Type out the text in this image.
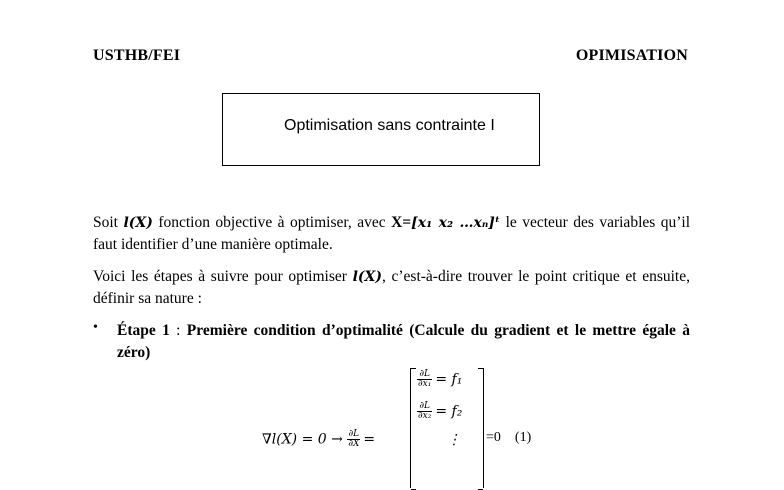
USTHB/FEI	OPIMISATION
Optimisation sans contrainte I
Soit l(X) fonction objective à optimiser, avec X=[x₁ x₂ …xₙ]ᵗ le vecteur des variables qu’il faut identifier d’une manière optimale.
Voici les étapes à suivre pour optimiser l(X), c’est-à-dire trouver le point critique et ensuite, définir sa nature :
• Étape 1 : Première condition d’optimalité (Calcule du gradient et le mettre égale à zéro)
$\frac{\partial L}{\text{∂x₁}} = f_1$
$\frac{\partial L}{\text{∂x₂}} = f_2$
⋮
$\nabla l(X) = 0 \to \frac{\partial L}{\partial X}$ =	=0 (1)
